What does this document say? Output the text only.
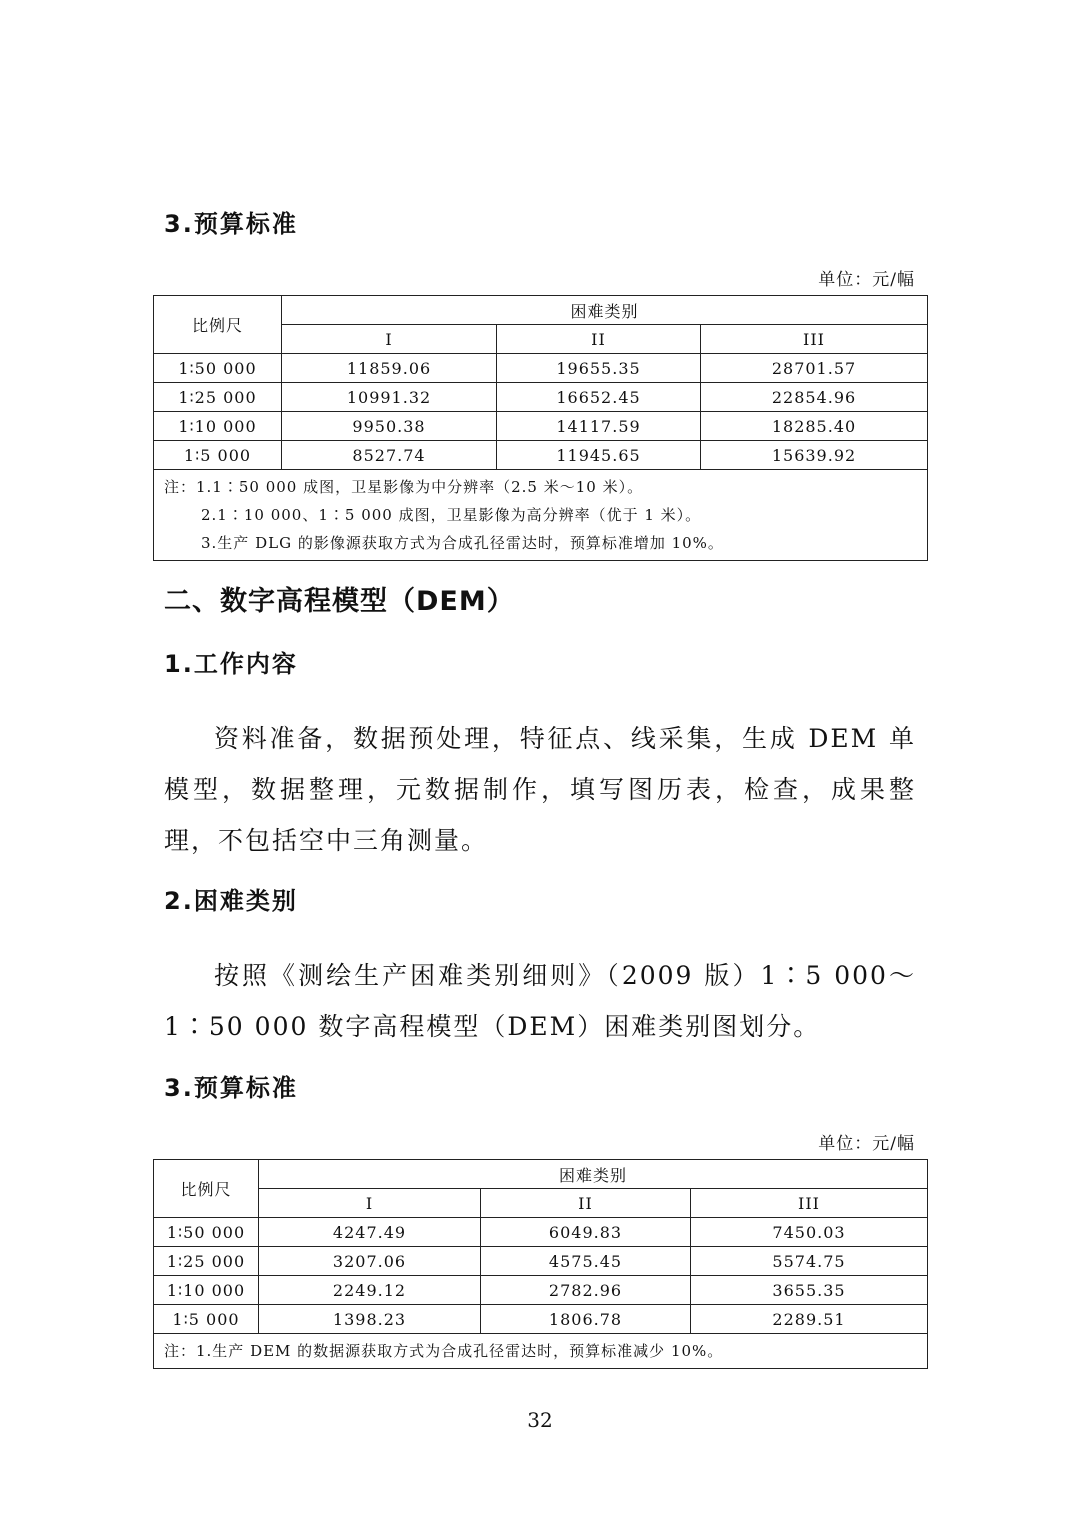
3.预算标准
单位：元/幅
比例尺	困难类别		
	I	II	III
1∶50 000	11859.06	19655.35	28701.57
1∶25 000	10991.32	16652.45	22854.96
1∶10 000	9950.38	14117.59	18285.40
1∶5 000	8527.74	11945.65	15639.92

注：1.1∶50 000 成图，卫星影像为中分辨率（2.5 米～10 米）。
2.1∶10 000、1∶5 000 成图，卫星影像为高分辨率（优于 1 米）。
3.生产 DLG 的影像源获取方式为合成孔径雷达时，预算标准增加 10%。			
二、数字高程模型（DEM）
1.工作内容

资料准备，数据预处理，特征点、线采集，生成 DEM 单模型，数据整理，元数据制作，填写图历表，检查，成果整理，不包括空中三角测量。

2.困难类别

按照《测绘生产困难类别细则》（2009 版）1∶5 000～1∶50 000 数字高程模型（DEM）困难类别图划分。

3.预算标准
单位：元/幅
比例尺	困难类别		
	I	II	III
1∶50 000	4247.49	6049.83	7450.03
1∶25 000	3207.06	4575.45	5574.75
1∶10 000	2249.12	2782.96	3655.35
1∶5 000	1398.23	1806.78	2289.51

注：1.生产 DEM 的数据源获取方式为合成孔径雷达时，预算标准减少 10%。			
32
